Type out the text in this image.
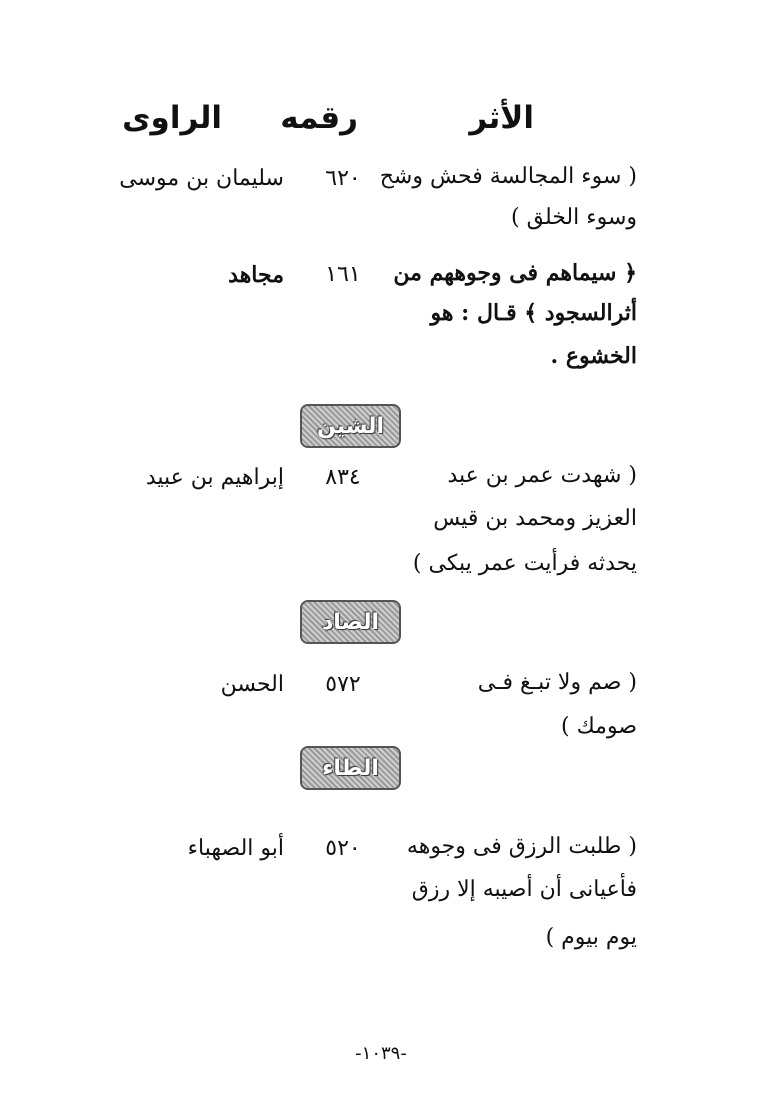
الأثر
رقمه
الراوى
( سوء المجالسة فحش وشح
وسوء الخلق )
٦٢٠
سليمان بن موسى
﴿ سيماهم فى وجوههم من
أثرالسجود ﴾ قـال : هو
الخشوع .
١٦١
مجاهد
الشين
( شهدت عمر بن عبد
العزيز ومحمد بن قيس
يحدثه فرأيت عمر يبكى )
٨٣٤
إبراهيم بن عبيد
الصاد
( صم ولا تبـغ فـى
صومك )
٥٧٢
الحسن
الطاء
( طلبت الرزق فى وجوهه
فأعيانى أن أصيبه إلا رزق
يوم بيوم )
٥٢٠
أبو الصهباء
-١٠٣٩-
